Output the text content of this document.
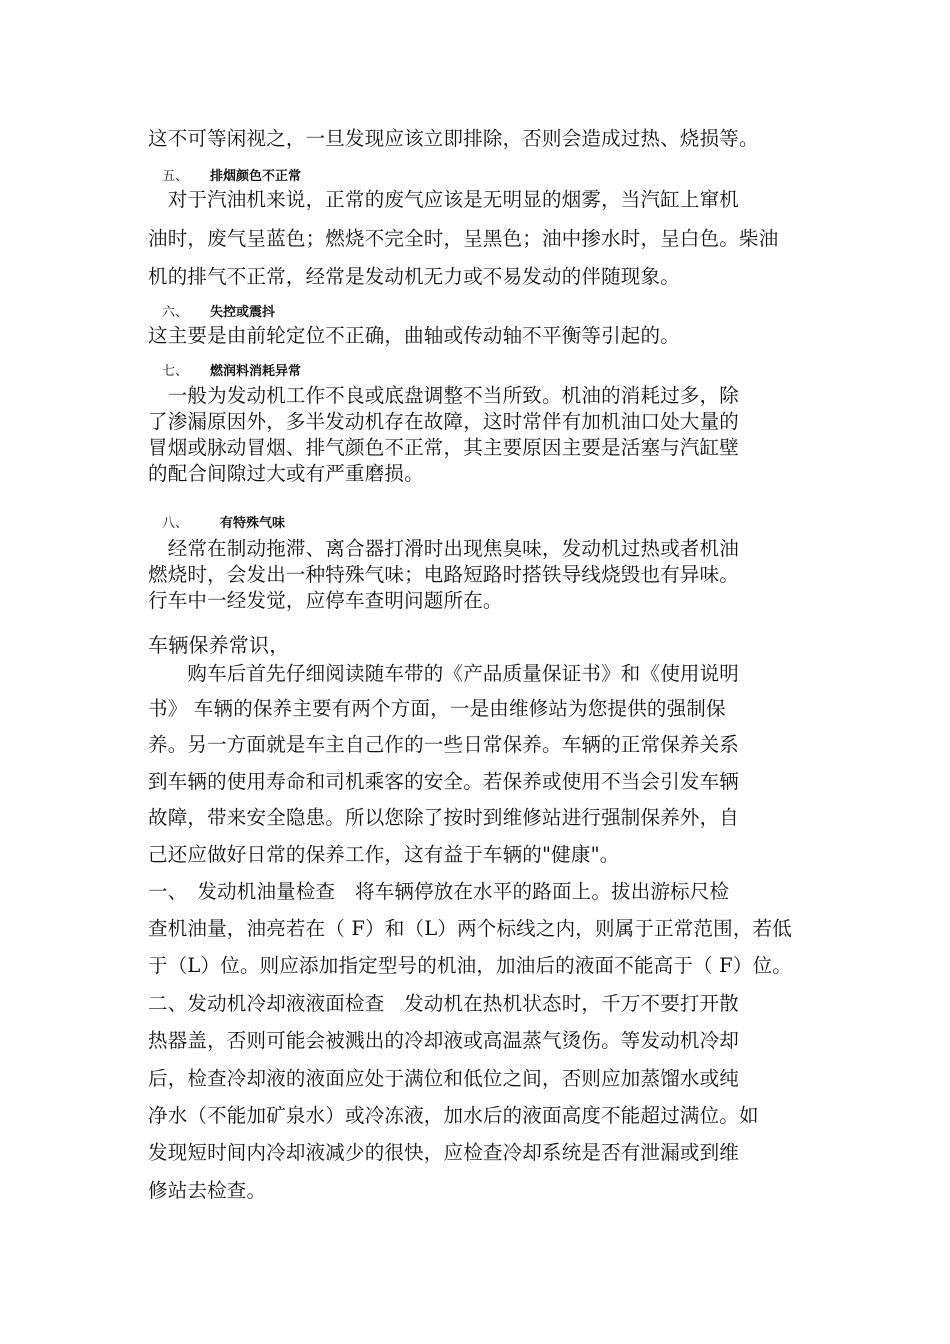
这不可等闲视之，一旦发现应该立即排除，否则会造成过热、烧损等。
五、 排烟颜色不正常
　对于汽油机来说，正常的废气应该是无明显的烟雾，当汽缸上窜机
油时，废气呈蓝色；燃烧不完全时，呈黑色；油中掺水时，呈白色。柴油
机的排气不正常，经常是发动机无力或不易发动的伴随现象。
六、 失控或震抖
这主要是由前轮定位不正确，曲轴或传动轴不平衡等引起的。
七、 燃润料消耗异常
　一般为发动机工作不良或底盘调整不当所致。机油的消耗过多，除
了渗漏原因外，多半发动机存在故障，这时常伴有加机油口处大量的
冒烟或脉动冒烟、排气颜色不正常，其主要原因主要是活塞与汽缸壁
的配合间隙过大或有严重磨损。
八、 有特殊气味
　经常在制动拖滞、离合器打滑时出现焦臭味，发动机过热或者机油
燃烧时，会发出一种特殊气味；电路短路时搭铁导线烧毁也有异味。
行车中一经发觉，应停车查明问题所在。
车辆保养常识，
　　购车后首先仔细阅读随车带的《产品质量保证书》和《使用说明
书》 车辆的保养主要有两个方面，一是由维修站为您提供的强制保
养。另一方面就是车主自己作的一些日常保养。车辆的正常保养关系
到车辆的使用寿命和司机乘客的安全。若保养或使用不当会引发车辆
故障，带来安全隐患。所以您除了按时到维修站进行强制保养外，自
己还应做好日常的保养工作，这有益于车辆的"健康"。
一、　发动机油量检查　将车辆停放在水平的路面上。拔出游标尺检
查机油量，油亮若在（ F）和（L）两个标线之内，则属于正常范围，若低
于（L）位。则应添加指定型号的机油，加油后的液面不能高于（ F）位。
二、发动机冷却液液面检查　发动机在热机状态时，千万不要打开散
热器盖，否则可能会被溅出的冷却液或高温蒸气烫伤。等发动机冷却
后，检查冷却液的液面应处于满位和低位之间，否则应加蒸馏水或纯
净水（不能加矿泉水）或冷冻液，加水后的液面高度不能超过满位。如
发现短时间内冷却液减少的很快，应检查冷却系统是否有泄漏或到维
修站去检查。
